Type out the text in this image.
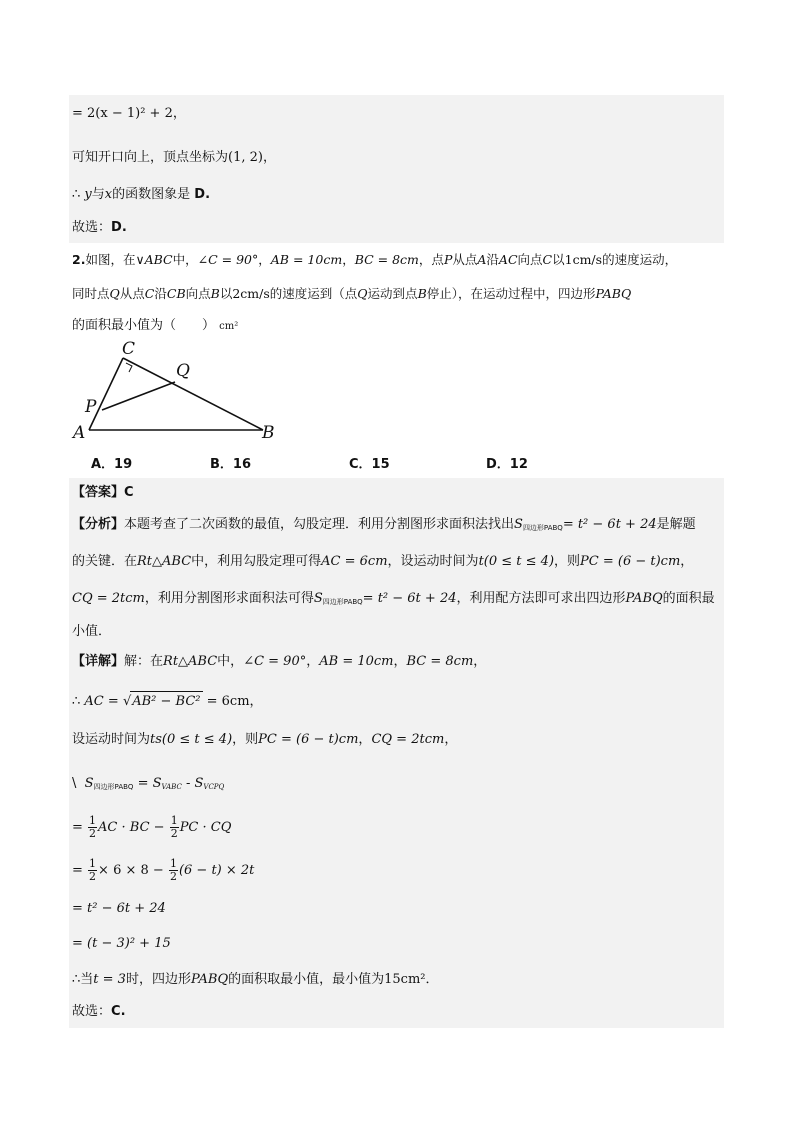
= 2(x − 1)² + 2，
可知开口向上，顶点坐标为(1, 2)，
∴ y与x的函数图象是 D.
故选：D.
2.如图，在∨ABC中，∠C = 90°，AB = 10cm，BC = 8cm，点P从点A沿AC向点C以1cm/s的速度运动，
同时点Q从点C沿CB向点B以2cm/s的速度运到（点Q运动到点B停止），在运动过程中，四边形PABQ
的面积最小值为（　　） cm²
C
Q
P
A	B
A．19	B．16	C．15	D．12
【答案】C
【分析】本题考查了二次函数的最值，勾股定理．利用分割图形求面积法找出$S_{四边形PABQ}= t^2 - 6t + 24$是解题
的关键．在Rt△ABC中，利用勾股定理可得AC = 6cm，设运动时间为t(0 ≤ t ≤ 4)，则PC = (6 − t)cm，
CQ = 2tcm，利用分割图形求面积法可得$S_{四边形PABQ}= t^2 - 6t + 24$，利用配方法即可求出四边形PABQ的面积最
小值．
【详解】解：在Rt△ABC中，∠C = 90°，AB = 10cm，BC = 8cm，
∴ AC = √AB² − BC² = 6cm，
设运动时间为ts(0 ≤ t ≤ 4)，则PC = (6 − t)cm，CQ = 2tcm，
\ $S_{四边形PABQ} = S_{VABC} - S_{VCPQ}$
= $\frac{1}{2}$ AC · BC − $\frac{1}{2}$ PC · CQ
= $\frac{1}{2} \times 6 \times 8 - \frac{1}{2} (6 - t) \times 2t$
= t² − 6t + 24
= (t − 3)² + 15
∴当t = 3时，四边形PABQ的面积取最小值，最小值为15cm²．
故选：C.
